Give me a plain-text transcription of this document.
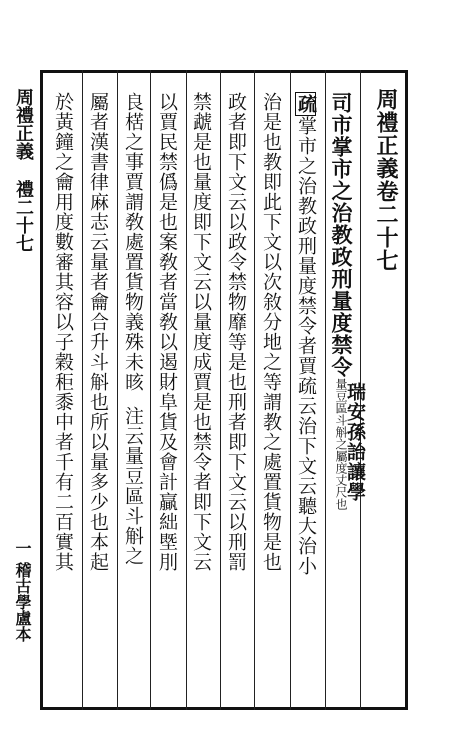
周禮正義卷二十七
瑞安孫詒讓學
司市掌市之治教政刑量度禁令量豆區斗斛之屬度丈尺也
疏掌市之治教政刑量度禁令者賈疏云治下文云聽大治小
治是也教即此下文以次敘分地之等謂教之處置貨物是也
政者即下文云以政令禁物靡等是也刑者即下文云以刑罰
禁虣是也量度即下文云以量度成賈是也禁令者即下文云
以賈民禁僞是也案敎者當敎以遏財阜貨及會計贏絀塈刖
良楛之事賈謂敎處置貨物義殊未晐注云量豆區斗斛之
屬者漢書律麻志云量者龠合升斗斛也所以量多少也本起
於黃鐘之龠用度數審其容以子穀秬黍中者千有二百實其
周禮正義
禮二十七
一
稽古學盧本
